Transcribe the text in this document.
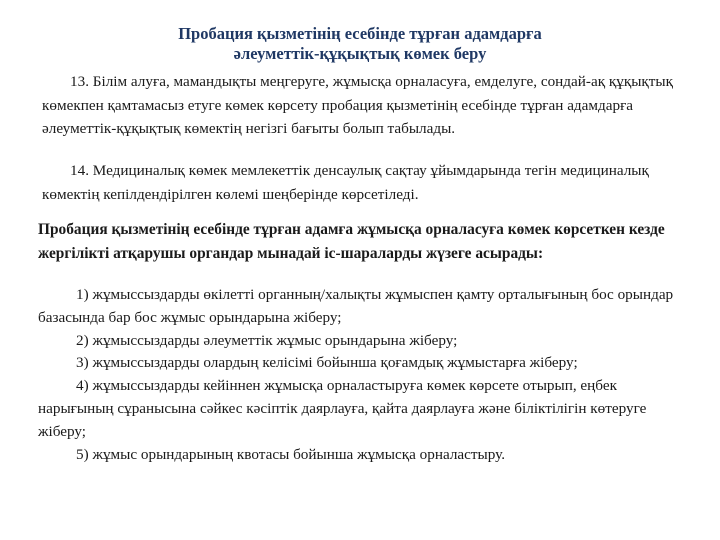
Пробация қызметінің есебінде тұрған адамдарға
әлеуметтік-құқықтық көмек беру

13. Білім алуға, мамандықты меңгеруге, жұмысқа орналасуға, емделуге, сондай-ақ құқықтық көмекпен қамтамасыз етуге көмек көрсету пробация қызметінің есебінде тұрған адамдарға әлеуметтік-құқықтық көмектің негізгі бағыты болып табылады.

14. Медициналық көмек мемлекеттік денсаулық сақтау ұйымдарында тегін медициналық көмектің кепілдендірілген көлемі шеңберінде көрсетіледі.

Пробация қызметінің есебінде тұрған адамға жұмысқа орналасуға көмек көрсеткен кезде жергілікті атқарушы органдар мынадай іс-шараларды жүзеге асырады:

1) жұмыссыздарды өкілетті органның/халықты жұмыспен қамту орталығының бос орындар базасында бар бос жұмыс орындарына жіберу;
2) жұмыссыздарды әлеуметтік жұмыс орындарына жіберу;
3) жұмыссыздарды олардың келісімі бойынша қоғамдық жұмыстарға жіберу;
4) жұмыссыздарды кейіннен жұмысқа орналастыруға көмек көрсете отырып, еңбек нарығының сұранысына сәйкес кәсіптік даярлауға, қайта даярлауға және біліктілігін көтеруге жіберу;
5) жұмыс орындарының квотасы бойынша жұмысқа орналастыру.
